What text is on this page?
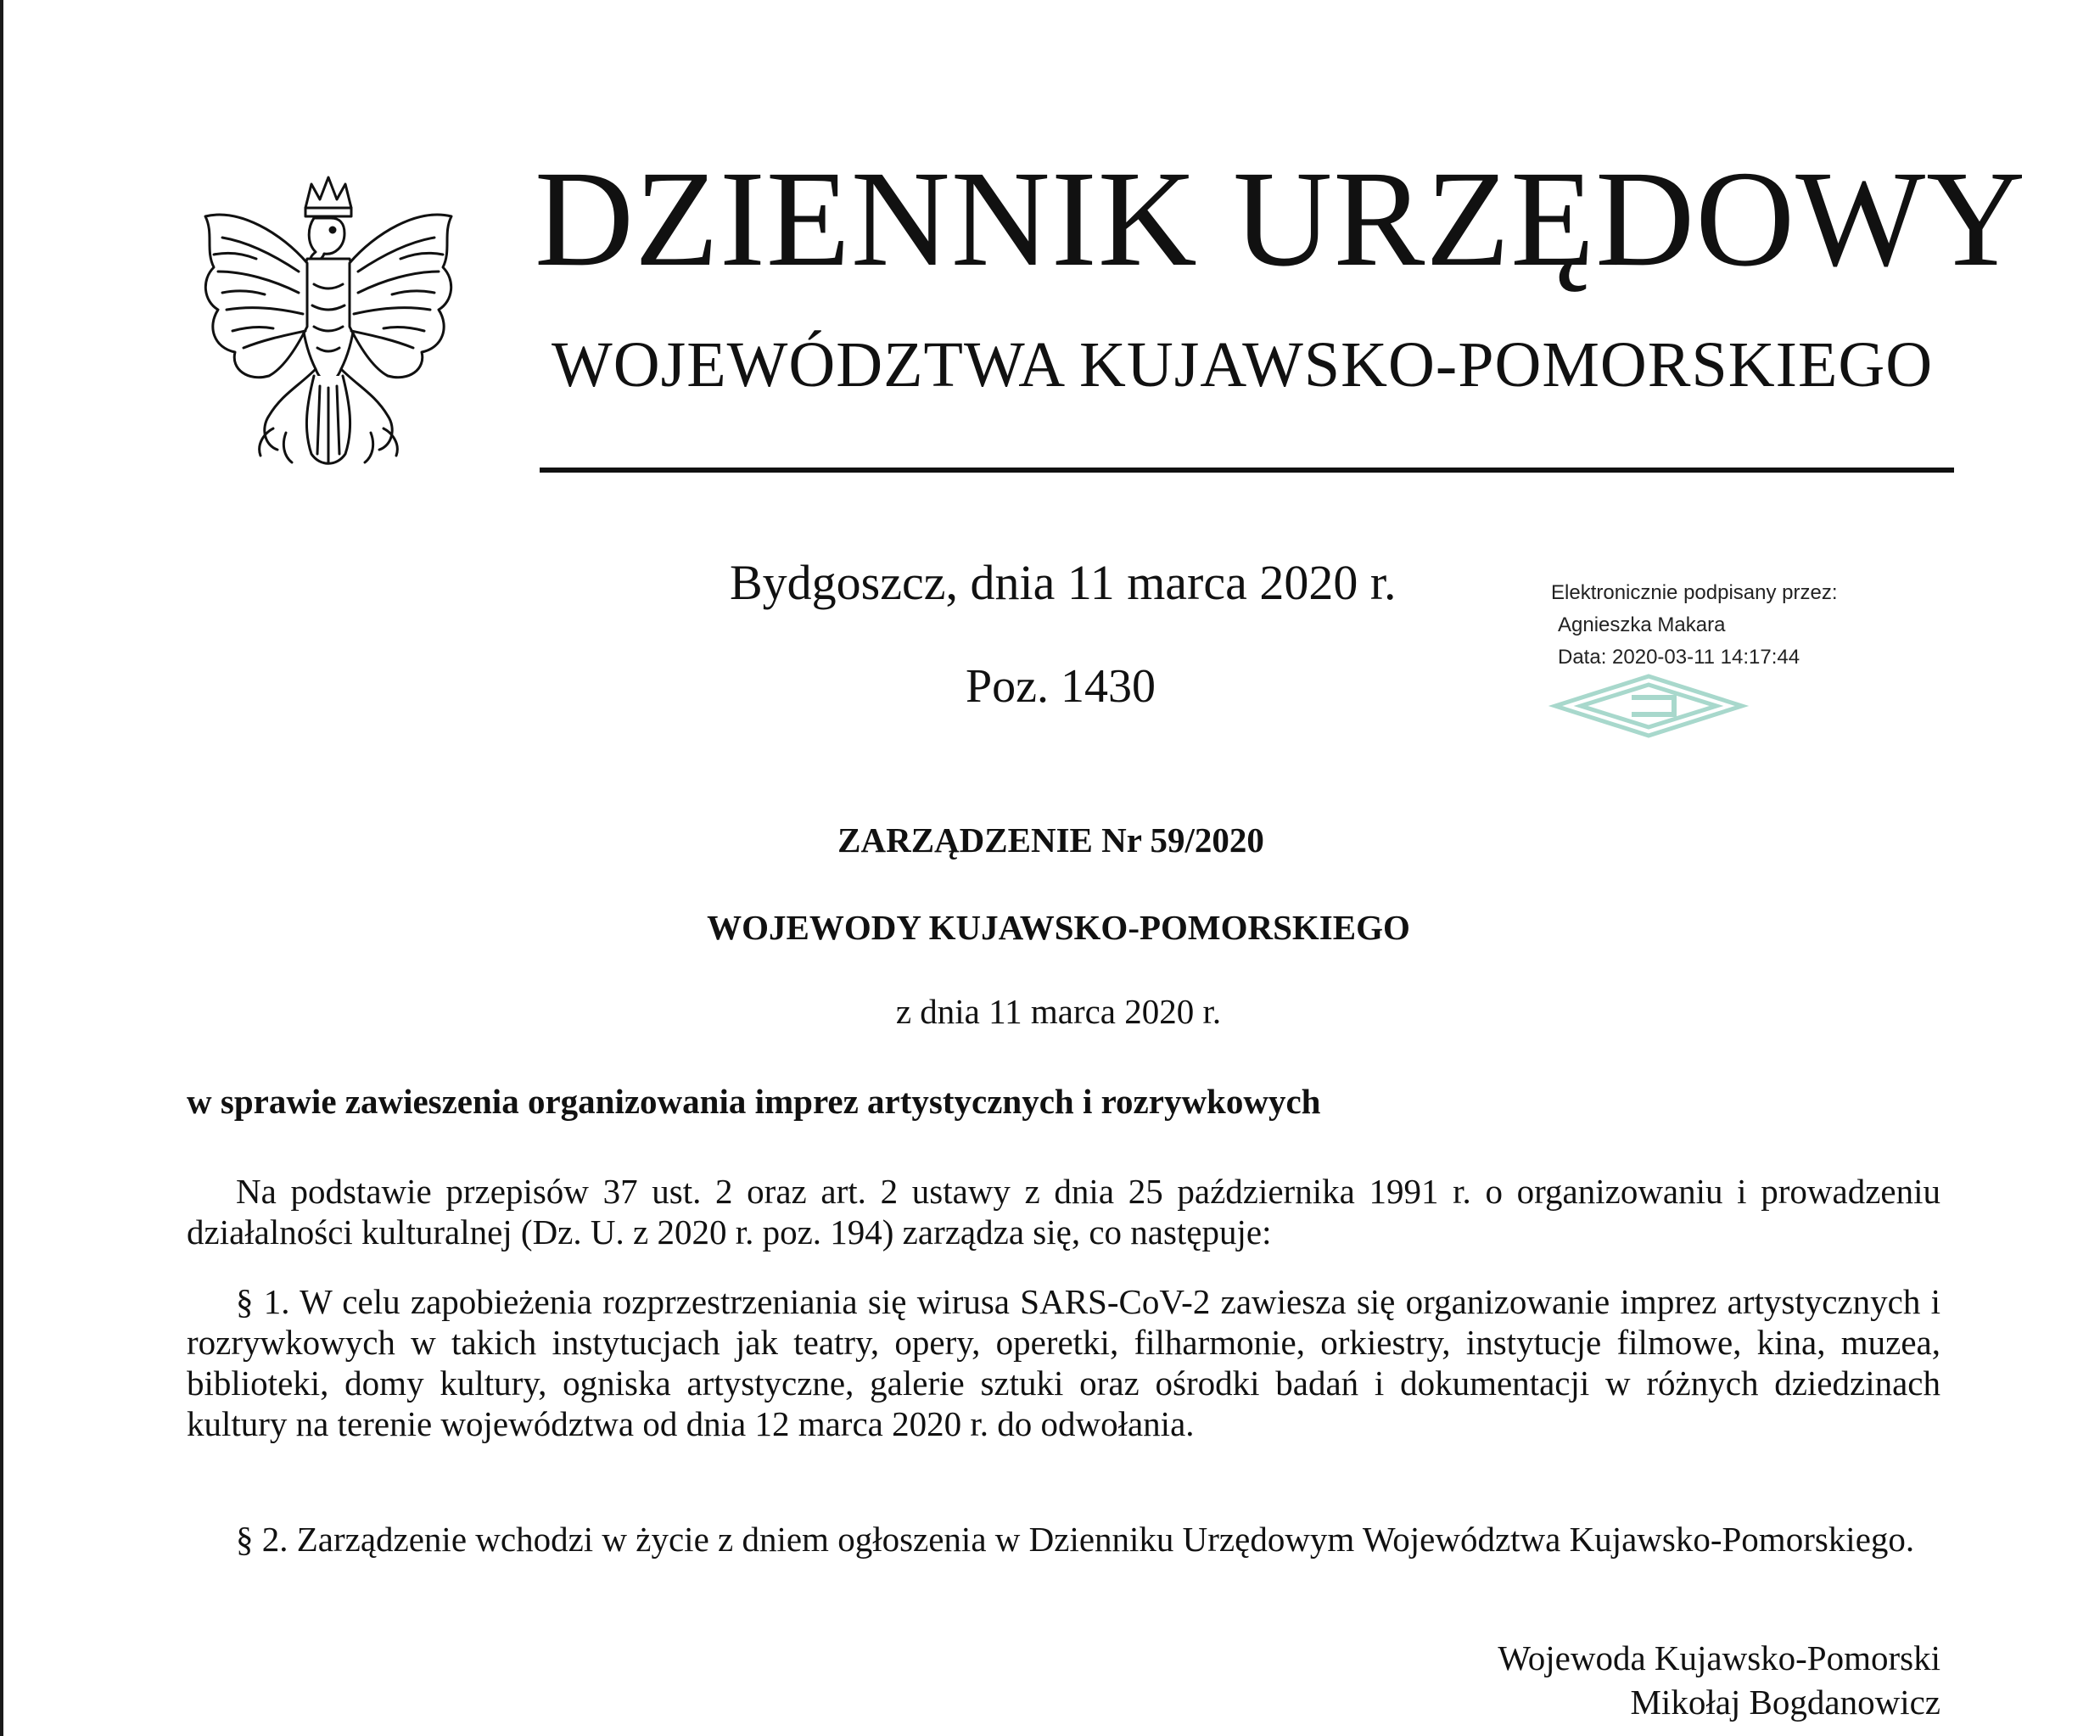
DZIENNIK URZĘDOWY
WOJEWÓDZTWA KUJAWSKO-POMORSKIEGO
Bydgoszcz, dnia 11 marca 2020 r.
Poz. 1430
Elektronicznie podpisany przez:
Agnieszka Makara
Data: 2020-03-11 14:17:44
ZARZĄDZENIE Nr 59/2020
WOJEWODY KUJAWSKO-POMORSKIEGO
z dnia 11 marca 2020 r.
w sprawie zawieszenia organizowania imprez artystycznych i rozrywkowych
Na podstawie przepisów 37 ust. 2 oraz art. 2 ustawy z dnia 25 października 1991 r. o organizowaniu i prowadzeniu działalności kulturalnej (Dz. U. z 2020 r. poz. 194) zarządza się, co następuje:
§ 1. W celu zapobieżenia rozprzestrzeniania się wirusa SARS-CoV-2 zawiesza się organizowanie imprez artystycznych i rozrywkowych w takich instytucjach jak teatry, opery, operetki, filharmonie, orkiestry, instytucje filmowe, kina, muzea, biblioteki, domy kultury, ogniska artystyczne, galerie sztuki oraz ośrodki badań i dokumentacji w różnych dziedzinach kultury na terenie województwa od dnia 12 marca 2020 r. do odwołania.
§ 2. Zarządzenie wchodzi w życie z dniem ogłoszenia w Dzienniku Urzędowym Województwa Kujawsko-Pomorskiego.
Wojewoda Kujawsko-Pomorski
Mikołaj Bogdanowicz
